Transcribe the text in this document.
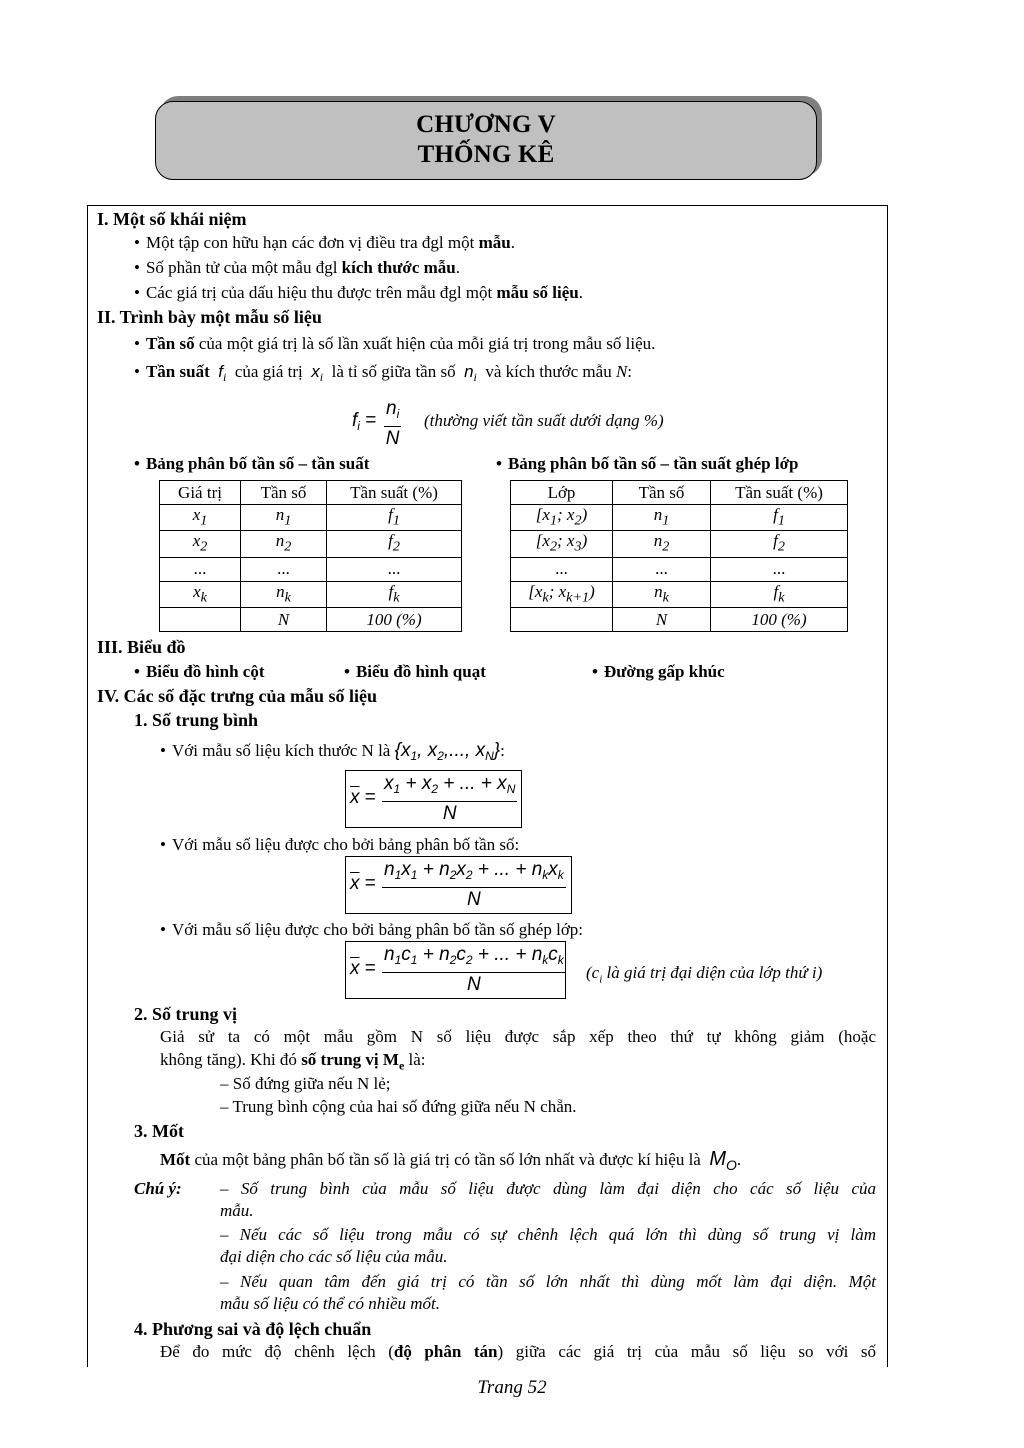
CHƯƠNG V
THỐNG KÊ
I. Một số khái niệm
• Một tập con hữu hạn các đơn vị điều tra đgl một mẫu.
• Số phần tử của một mẫu đgl kích thước mẫu.
• Các giá trị của dấu hiệu thu được trên mẫu đgl một mẫu số liệu.
II. Trình bày một mẫu số liệu
• Tần số của một giá trị là số lần xuất hiện của mỗi giá trị trong mẫu số liệu.
• Tần suất $f_i$ của giá trị $x_i$ là tỉ số giữa tần số $n_i$ và kích thước mẫu N:
$f_i = \frac{n_i}{N}$ (thường viết tần suất dưới dạng %)
• Bảng phân bố tần số – tần suất	• Bảng phân bố tần số – tần suất ghép lớp
Giá trị	Tần số	Tần suất (%)
$x_1$	$n_1$	$f_1$
$x_2$	$n_2$	$f_2$
...	...	...
$x_k$	$n_k$	$f_k$
	N	100 (%)
Lớp	Tần số	Tần suất (%)
[$x_1$; $x_2$)	$n_1$	$f_1$
[$x_2$; $x_3$)	$n_2$	$f_2$
...	...	...
[$x_k$; $x_{k+1}$)	$n_k$	$f_k$
	N	100 (%)
III. Biểu đồ
• Biểu đồ hình cột	• Biểu đồ hình quạt	• Đường gấp khúc
IV. Các số đặc trưng của mẫu số liệu
1. Số trung bình
• Với mẫu số liệu kích thước N là {$x_1$, $x_2$,..., $x_N$}:
$\overline{x} = \frac{x_1 + x_2 + ... + x_N}{N}$
• Với mẫu số liệu được cho bởi bảng phân bố tần số:
$\overline{x}$ =
$n_1x_1 + n_2x_2$ + ... + $n_kx_k$
N
• Với mẫu số liệu được cho bởi bảng phân bố tần số ghép lớp:
$\overline{x}$ =
$n_1c_1 + n_2c_2$ + ... + $n_kc_k$
N
($c_i$ là giá trị đại diện của lớp thứ i)
2. Số trung vị
Giả sử ta có một mẫu gồm N số liệu được sắp xếp theo thứ tự không giảm (hoặc
không tăng). Khi đó số trung vị $M_e$ là:
– Số đứng giữa nếu N lẻ;
– Trung bình cộng của hai số đứng giữa nếu N chẵn.
3. Mốt
Mốt của một bảng phân bố tần số là giá trị có tần số lớn nhất và được kí hiệu là $M_O$.
Chú ý: – Số trung bình của mẫu số liệu được dùng làm đại diện cho các số liệu của
mẫu.
– Nếu các số liệu trong mẫu có sự chênh lệch quá lớn thì dùng số trung vị làm
đại diện cho các số liệu của mẫu.
– Nếu quan tâm đến giá trị có tần số lớn nhất thì dùng mốt làm đại diện. Một
mẫu số liệu có thể có nhiều mốt.
4. Phương sai và độ lệch chuẩn
Để đo mức độ chênh lệch (độ phân tán) giữa các giá trị của mẫu số liệu so với số
Trang 52
